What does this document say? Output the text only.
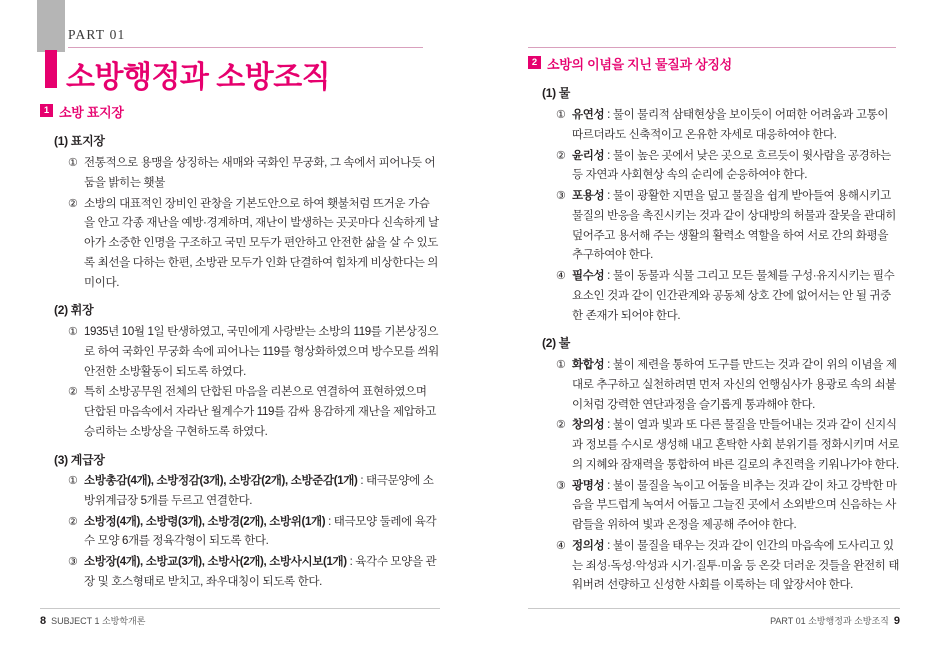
PART 01
소방행정과 소방조직
1 소방 표지장
(1) 표지장
① 전통적으로 용맹을 상징하는 새매와 국화인 무궁화, 그 속에서 피어나듯 어둠을 밝히는 횃불
② 소방의 대표적인 장비인 관창을 기본도안으로 하여 횃불처럼 뜨거운 가슴을 안고 각종 재난을 예방·경계하며, 재난이 발생하는 곳곳마다 신속하게 날아가 소중한 인명을 구조하고 국민 모두가 편안하고 안전한 삶을 살 수 있도록 최선을 다하는 한편, 소방관 모두가 인화 단결하여 힘차게 비상한다는 의미이다.
(2) 휘장
① 1935년 10월 1일 탄생하였고, 국민에게 사랑받는 소방의 119를 기본상징으로 하여 국화인 무궁화 속에 피어나는 119를 형상화하였으며 방수모를 씌워 안전한 소방활동이 되도록 하였다.
② 특히 소방공무원 전체의 단합된 마음을 리본으로 연결하여 표현하였으며 단합된 마음속에서 자라난 월계수가 119를 감싸 용감하게 재난을 제압하고 승리하는 소방상을 구현하도록 하였다.
(3) 계급장
① 소방총감(4개), 소방정감(3개), 소방감(2개), 소방준감(1개) : 태극문양에 소방위계급장 5개를 두르고 연결한다.
② 소방정(4개), 소방령(3개), 소방경(2개), 소방위(1개) : 태극모양 둘레에 육각수 모양 6개를 정육각형이 되도록 한다.
③ 소방장(4개), 소방교(3개), 소방사(2개), 소방사시보(1개) : 육각수 모양을 관장 및 호스형태로 받치고, 좌우대칭이 되도록 한다.
2 소방의 이념을 지닌 물질과 상징성
(1) 물
① 유연성 : 물이 물리적 삼태현상을 보이듯이 어떠한 어려움과 고통이 따르더라도 신축적이고 온유한 자세로 대응하여야 한다.
② 윤리성 : 물이 높은 곳에서 낮은 곳으로 흐르듯이 윗사람을 공경하는 등 자연과 사회현상 속의 순리에 순응하여야 한다.
③ 포용성 : 물이 광활한 지면을 덮고 물질을 쉽게 받아들여 용해시키고 물질의 반응을 촉진시키는 것과 같이 상대방의 허물과 잘못을 관대히 덮어주고 용서해 주는 생활의 활력소 역할을 하여 서로 간의 화평을 추구하여야 한다.
④ 필수성 : 물이 동물과 식물 그리고 모든 물체를 구성·유지시키는 필수요소인 것과 같이 인간관계와 공동체 상호 간에 없어서는 안 될 귀중한 존재가 되어야 한다.
(2) 불
① 화합성 : 불이 제련을 통하여 도구를 만드는 것과 같이 위의 이념을 제대로 추구하고 실천하려면 먼저 자신의 언행심사가 용광로 속의 쇠붙이처럼 강력한 연단과정을 슬기롭게 통과해야 한다.
② 창의성 : 불이 열과 빛과 또 다른 물질을 만들어내는 것과 같이 신지식과 정보를 수시로 생성해 내고 혼탁한 사회 분위기를 정화시키며 서로의 지혜와 잠재력을 통합하여 바른 길로의 추진력을 키워나가야 한다.
③ 광명성 : 불이 물질을 녹이고 어둠을 비추는 것과 같이 차고 강박한 마음을 부드럽게 녹여서 어둡고 그늘진 곳에서 소외받으며 신음하는 사람들을 위하여 빛과 온정을 제공해 주어야 한다.
④ 정의성 : 불이 물질을 태우는 것과 같이 인간의 마음속에 도사리고 있는 죄성·독성·악성과 시기·질투·미움 등 온갖 더러운 것들을 완전히 태워버려 선량하고 신성한 사회를 이룩하는 데 앞장서야 한다.
8 SUBJECT 1 소방학개론	PART 01 소방행정과 소방조직 9
